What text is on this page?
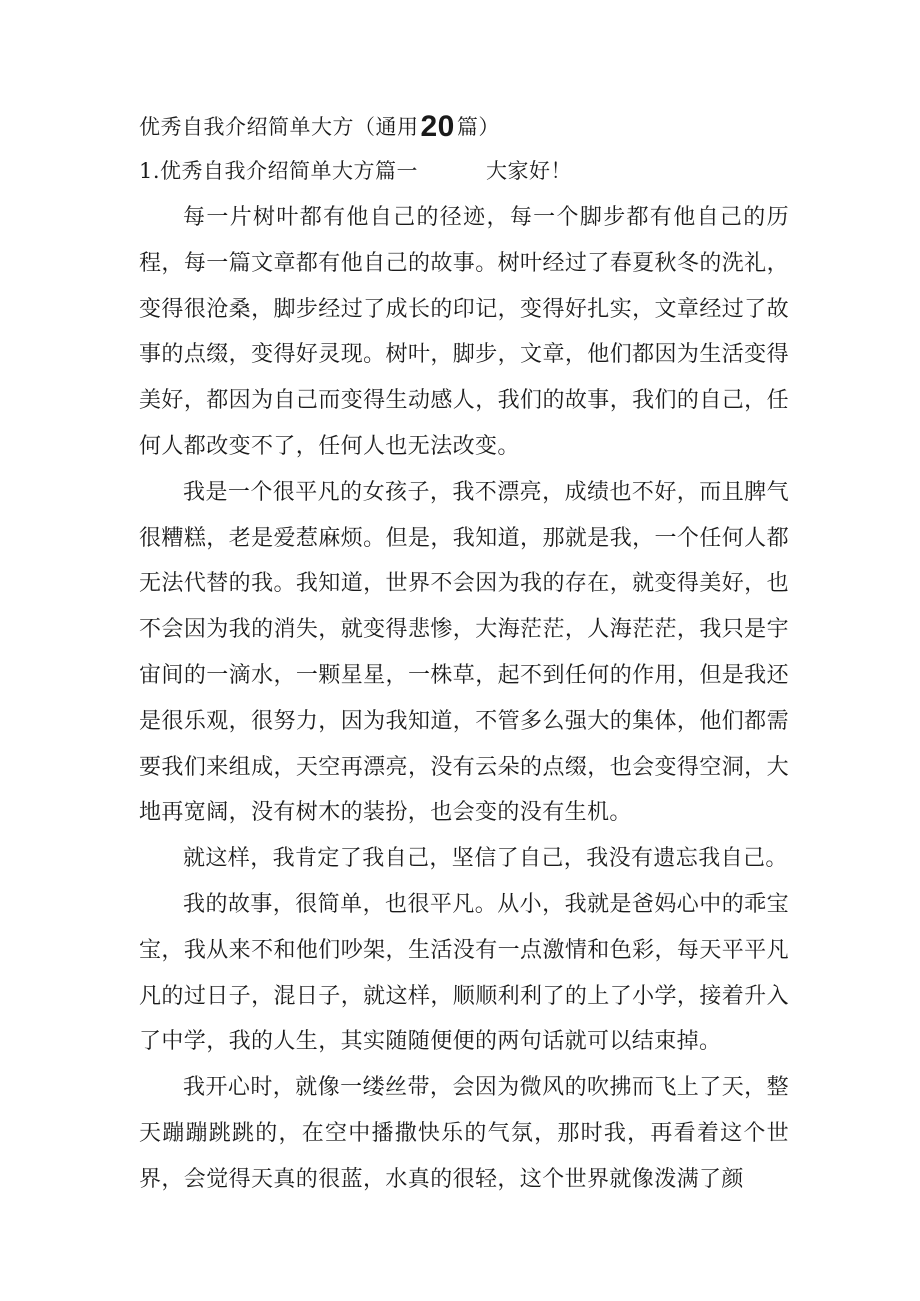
优秀自我介绍简单大方（通用20篇）
1.优秀自我介绍简单大方篇一	大家好！

每一片树叶都有他自己的径迹，每一个脚步都有他自己的历程，每一篇文章都有他自己的故事。树叶经过了春夏秋冬的洗礼，变得很沧桑，脚步经过了成长的印记，变得好扎实，文章经过了故事的点缀，变得好灵现。树叶，脚步，文章，他们都因为生活变得美好，都因为自己而变得生动感人，我们的故事，我们的自己，任何人都改变不了，任何人也无法改变。

我是一个很平凡的女孩子，我不漂亮，成绩也不好，而且脾气很糟糕，老是爱惹麻烦。但是，我知道，那就是我，一个任何人都无法代替的我。我知道，世界不会因为我的存在，就变得美好，也不会因为我的消失，就变得悲惨，大海茫茫，人海茫茫，我只是宇宙间的一滴水，一颗星星，一株草，起不到任何的作用，但是我还是很乐观，很努力，因为我知道，不管多么强大的集体，他们都需要我们来组成，天空再漂亮，没有云朵的点缀，也会变得空洞，大地再宽阔，没有树木的装扮，也会变的没有生机。

就这样，我肯定了我自己，坚信了自己，我没有遗忘我自己。

我的故事，很简单，也很平凡。从小，我就是爸妈心中的乖宝宝，我从来不和他们吵架，生活没有一点激情和色彩，每天平平凡凡的过日子，混日子，就这样，顺顺利利了的上了小学，接着升入了中学，我的人生，其实随随便便的两句话就可以结束掉。

我开心时，就像一缕丝带，会因为微风的吹拂而飞上了天，整天蹦蹦跳跳的，在空中播撒快乐的气氛，那时我，再看着这个世界，会觉得天真的很蓝，水真的很轻，这个世界就像泼满了颜
